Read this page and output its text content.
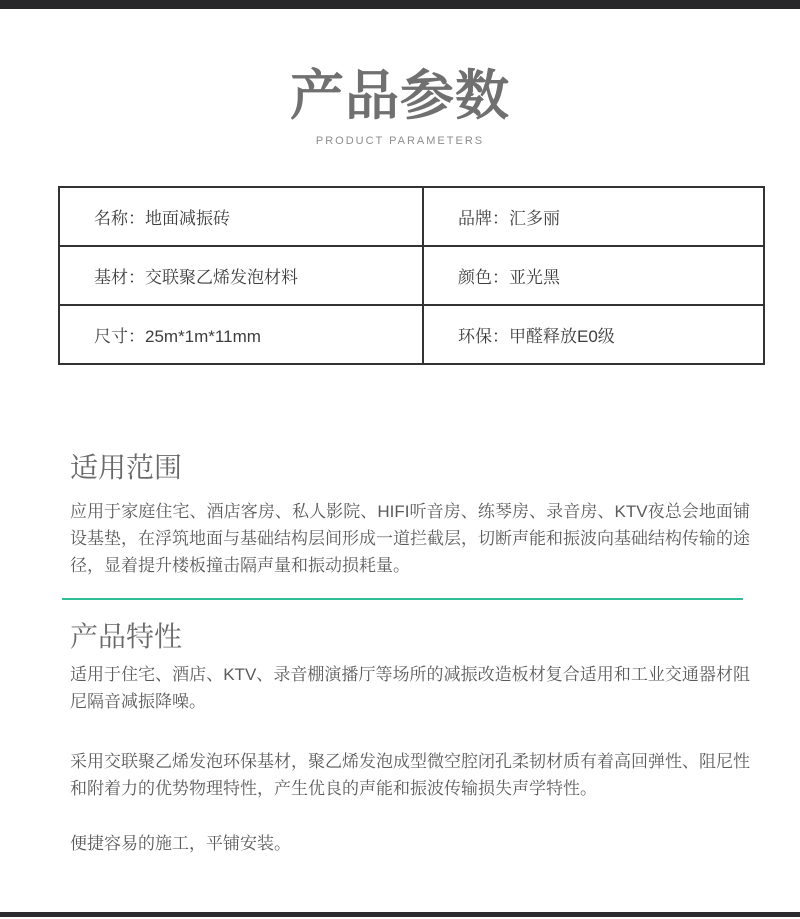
产品参数
PRODUCT PARAMETERS
名称：地面减振砖	品牌：汇多丽
基材：交联聚乙烯发泡材料	颜色：亚光黑
尺寸：25m*1m*11mm	环保：甲醛释放E0级
适用范围

应用于家庭住宅、酒店客房、私人影院、HIFI听音房、练琴房、录音房、KTV夜总会地面铺设基垫，在浮筑地面与基础结构层间形成一道拦截层，切断声能和振波向基础结构传输的途径，显着提升楼板撞击隔声量和振动损耗量。

产品特性

适用于住宅、酒店、KTV、录音棚演播厅等场所的减振改造板材复合适用和工业交通器材阻尼隔音减振降噪。

采用交联聚乙烯发泡环保基材，聚乙烯发泡成型微空腔闭孔柔韧材质有着高回弹性、阻尼性和附着力的优势物理特性，产生优良的声能和振波传输损失声学特性。

便捷容易的施工，平铺安装。
